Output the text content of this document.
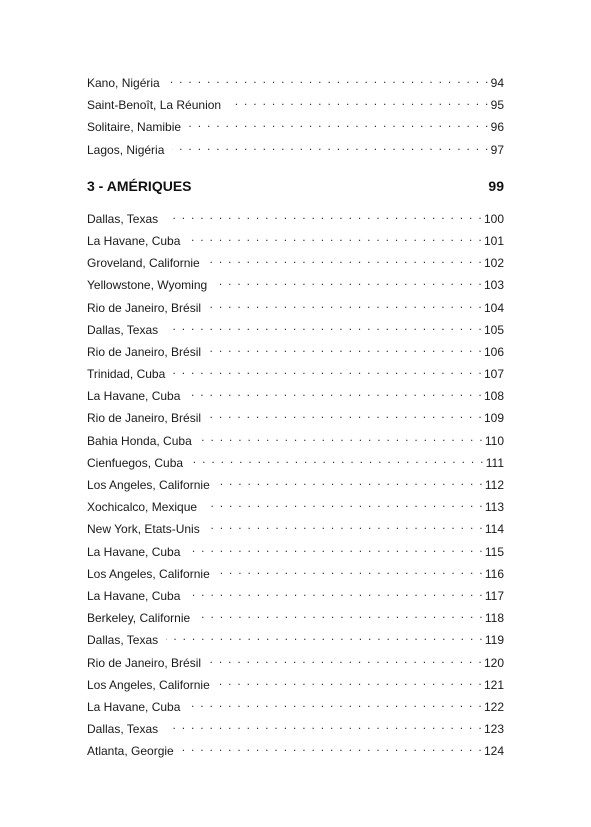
Kano, Nigéria . . .	94
Saint-Benoît, La Réunion . . .	95
Solitaire, Namibie . . .	96
Lagos, Nigéria . . .	97
3 - AMÉRIQUES	99
Dallas, Texas . . .	100
La Havane, Cuba . . .	101
Groveland, Californie . . .	102
Yellowstone, Wyoming . . .	103
Rio de Janeiro, Brésil . . .	104
Dallas, Texas . . .	105
Rio de Janeiro, Brésil . . .	106
Trinidad, Cuba . . .	107
La Havane, Cuba . . .	108
Rio de Janeiro, Brésil . . .	109
Bahia Honda, Cuba . . .	110
Cienfuegos, Cuba . . .	111
Los Angeles, Californie . . .	112
Xochicalco, Mexique . . .	113
New York, Etats-Unis . . .	114
La Havane, Cuba . . .	115
Los Angeles, Californie . . .	116
La Havane, Cuba . . .	117
Berkeley, Californie . . .	118
Dallas, Texas . . .	119
Rio de Janeiro, Brésil . . .	120
Los Angeles, Californie . . .	121
La Havane, Cuba . . .	122
Dallas, Texas . . .	123
Atlanta, Georgie . . .	124
